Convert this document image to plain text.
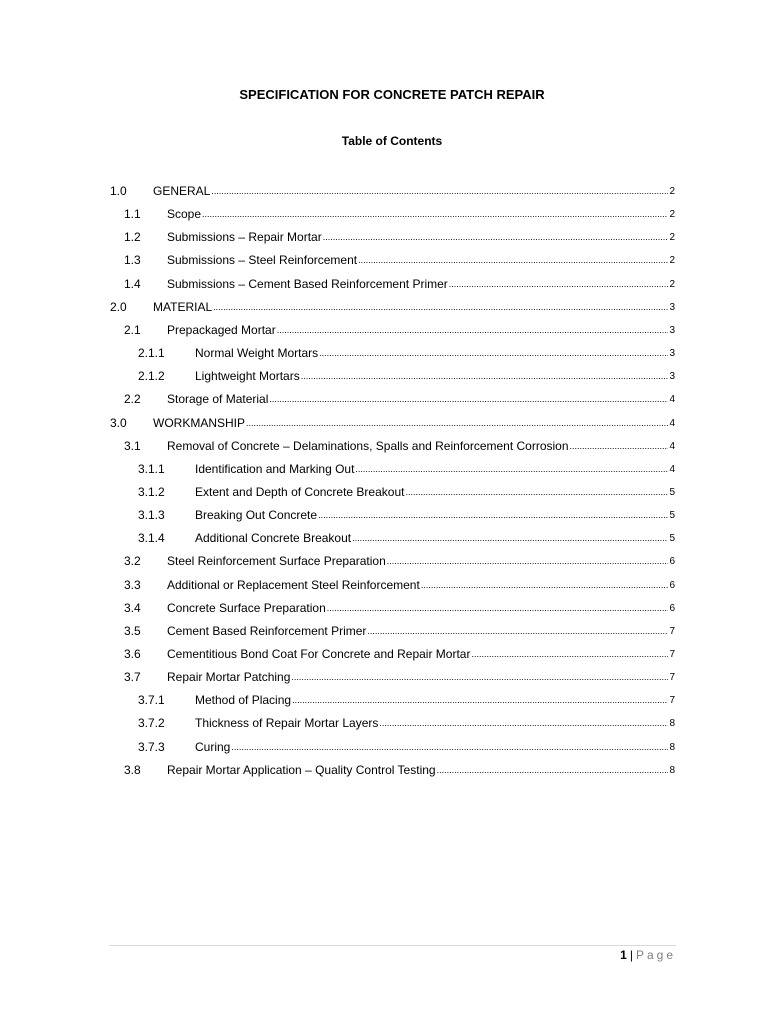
SPECIFICATION FOR CONCRETE PATCH REPAIR
Table of Contents
1.0	GENERAL .....	2
1.1	Scope .....	2
1.2	Submissions – Repair Mortar .....	2
1.3	Submissions – Steel Reinforcement .....	2
1.4	Submissions – Cement Based Reinforcement Primer .....	2
2.0	MATERIAL .....	3
2.1	Prepackaged Mortar .....	3
2.1.1	Normal Weight Mortars .....	3
2.1.2	Lightweight Mortars .....	3
2.2	Storage of Material .....	4
3.0	WORKMANSHIP .....	4
3.1	Removal of Concrete – Delaminations, Spalls and Reinforcement Corrosion .....	4
3.1.1	Identification and Marking Out .....	4
3.1.2	Extent and Depth of Concrete Breakout .....	5
3.1.3	Breaking Out Concrete .....	5
3.1.4	Additional Concrete Breakout .....	5
3.2	Steel Reinforcement Surface Preparation .....	6
3.3	Additional or Replacement Steel Reinforcement .....	6
3.4	Concrete Surface Preparation .....	6
3.5	Cement Based Reinforcement Primer .....	7
3.6	Cementitious Bond Coat For Concrete and Repair Mortar .....	7
3.7	Repair Mortar Patching .....	7
3.7.1	Method of Placing .....	7
3.7.2	Thickness of Repair Mortar Layers .....	8
3.7.3	Curing .....	8
3.8	Repair Mortar Application – Quality Control Testing .....	8
1 | Page
